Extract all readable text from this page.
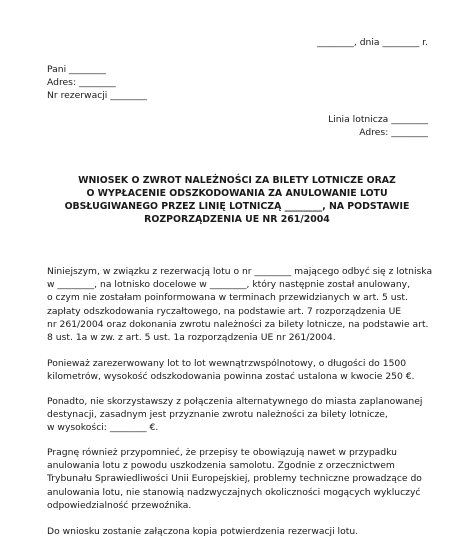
________, dnia ________ r.
Pani ________
Adres: ________
Nr rezerwacji ________
Linia lotnicza ________
Adres: ________
WNIOSEK O ZWROT NALEŻNOŚCI ZA BILETY LOTNICZE ORAZ
O WYPŁACENIE ODSZKODOWANIA ZA ANULOWANIE LOTU
OBSŁUGIWANEGO PRZEZ LINIĘ LOTNICZĄ ________, NA PODSTAWIE
ROZPORZĄDZENIA UE NR 261/2004
Niniejszym, w związku z rezerwacją lotu o nr ________ mającego odbyć się z lotniska
w ________, na lotnisko docelowe w ________, który następnie został anulowany,
o czym nie zostałam poinformowana w terminach przewidzianych w art. 5 ust.
zapłaty odszkodowania ryczałtowego, na podstawie art. 7 rozporządzenia UE
nr 261/2004 oraz dokonania zwrotu należności za bilety lotnicze, na podstawie art.
8 ust. 1a w zw. z art. 5 ust. 1a rozporządzenia UE nr 261/2004.
Ponieważ zarezerwowany lot to lot wewnątrzwspólnotowy, o długości do 1500
kilometrów, wysokość odszkodowania powinna zostać ustalona w kwocie 250 €.
Ponadto, nie skorzystawszy z połączenia alternatywnego do miasta zaplanowanej
destynacji, zasadnym jest przyznanie zwrotu należności za bilety lotnicze,
w wysokości: ________ €.
Pragnę również przypomnieć, że przepisy te obowiązują nawet w przypadku
anulowania lotu z powodu uszkodzenia samolotu. Zgodnie z orzecznictwem
Trybunału Sprawiedliwości Unii Europejskiej, problemy techniczne prowadzące do
anulowania lotu, nie stanowią nadzwyczajnych okoliczności mogących wykluczyć
odpowiedzialność przewoźnika.
Do wniosku zostanie załączona kopia potwierdzenia rezerwacji lotu.
